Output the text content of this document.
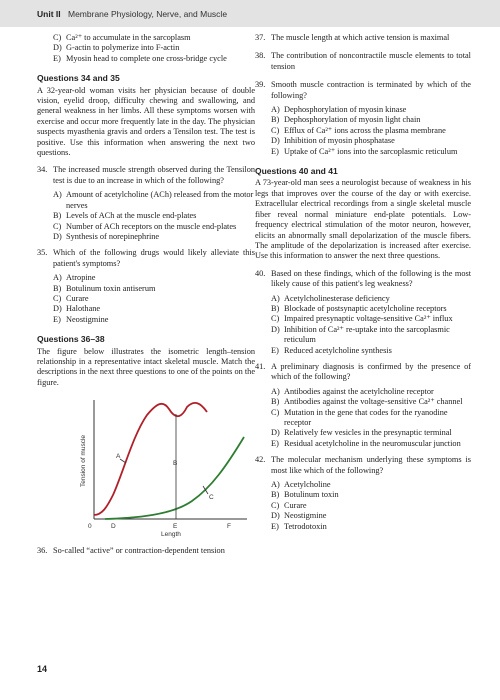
Unit II Membrane Physiology, Nerve, and Muscle
C) Ca²⁺ to accumulate in the sarcoplasm
D) G-actin to polymerize into F-actin
E) Myosin head to complete one cross-bridge cycle
Questions 34 and 35
A 32-year-old woman visits her physician because of double vision, eyelid droop, difficulty chewing and swallowing, and general weakness in her limbs. All these symptoms worsen with exercise and occur more frequently late in the day. The physician suspects myasthenia gravis and orders a Tensilon test. The test is positive. Use this information when answering the next two questions.
34. The increased muscle strength observed during the Tensilon test is due to an increase in which of the following?
A) Amount of acetylcholine (ACh) released from the motor nerves
B) Levels of ACh at the muscle end-plates
C) Number of ACh receptors on the muscle end-plates
D) Synthesis of norepinephrine
35. Which of the following drugs would likely alleviate this patient's symptoms?
A) Atropine
B) Botulinum toxin antiserum
C) Curare
D) Halothane
E) Neostigmine
Questions 36–38
The figure below illustrates the isometric length–tension relationship in a representative intact skeletal muscle. Match the descriptions in the next three questions to one of the points on the figure.
Tension of muscle
Length
0	D	E	F
A
B
C
36. So-called “active” or contraction-dependent tension
37. The muscle length at which active tension is maximal
38. The contribution of noncontractile muscle elements to total tension
39. Smooth muscle contraction is terminated by which of the following?
A) Dephosphorylation of myosin kinase
B) Dephosphorylation of myosin light chain
C) Efflux of Ca²⁺ ions across the plasma membrane
D) Inhibition of myosin phosphatase
E) Uptake of Ca²⁺ ions into the sarcoplasmic reticulum
Questions 40 and 41
A 73-year-old man sees a neurologist because of weakness in his legs that improves over the course of the day or with exercise. Extracellular electrical recordings from a single skeletal muscle fiber reveal normal miniature end-plate potentials. Low-frequency electrical stimulation of the motor neuron, however, elicits an abnormally small depolarization of the muscle fibers. The amplitude of the depolarization is increased after exercise. Use this information to answer the next three questions.
40. Based on these findings, which of the following is the most likely cause of this patient's leg weakness?
A) Acetylcholinesterase deficiency
B) Blockade of postsynaptic acetylcholine receptors
C) Impaired presynaptic voltage-sensitive Ca²⁺ influx
D) Inhibition of Ca²⁺ re-uptake into the sarcoplasmic reticulum
E) Reduced acetylcholine synthesis
41. A preliminary diagnosis is confirmed by the presence of which of the following?
A) Antibodies against the acetylcholine receptor
B) Antibodies against the voltage-sensitive Ca²⁺ channel
C) Mutation in the gene that codes for the ryanodine receptor
D) Relatively few vesicles in the presynaptic terminal
E) Residual acetylcholine in the neuromuscular junction
42. The molecular mechanism underlying these symptoms is most like which of the following?
A) Acetylcholine
B) Botulinum toxin
C) Curare
D) Neostigmine
E) Tetrodotoxin
14
